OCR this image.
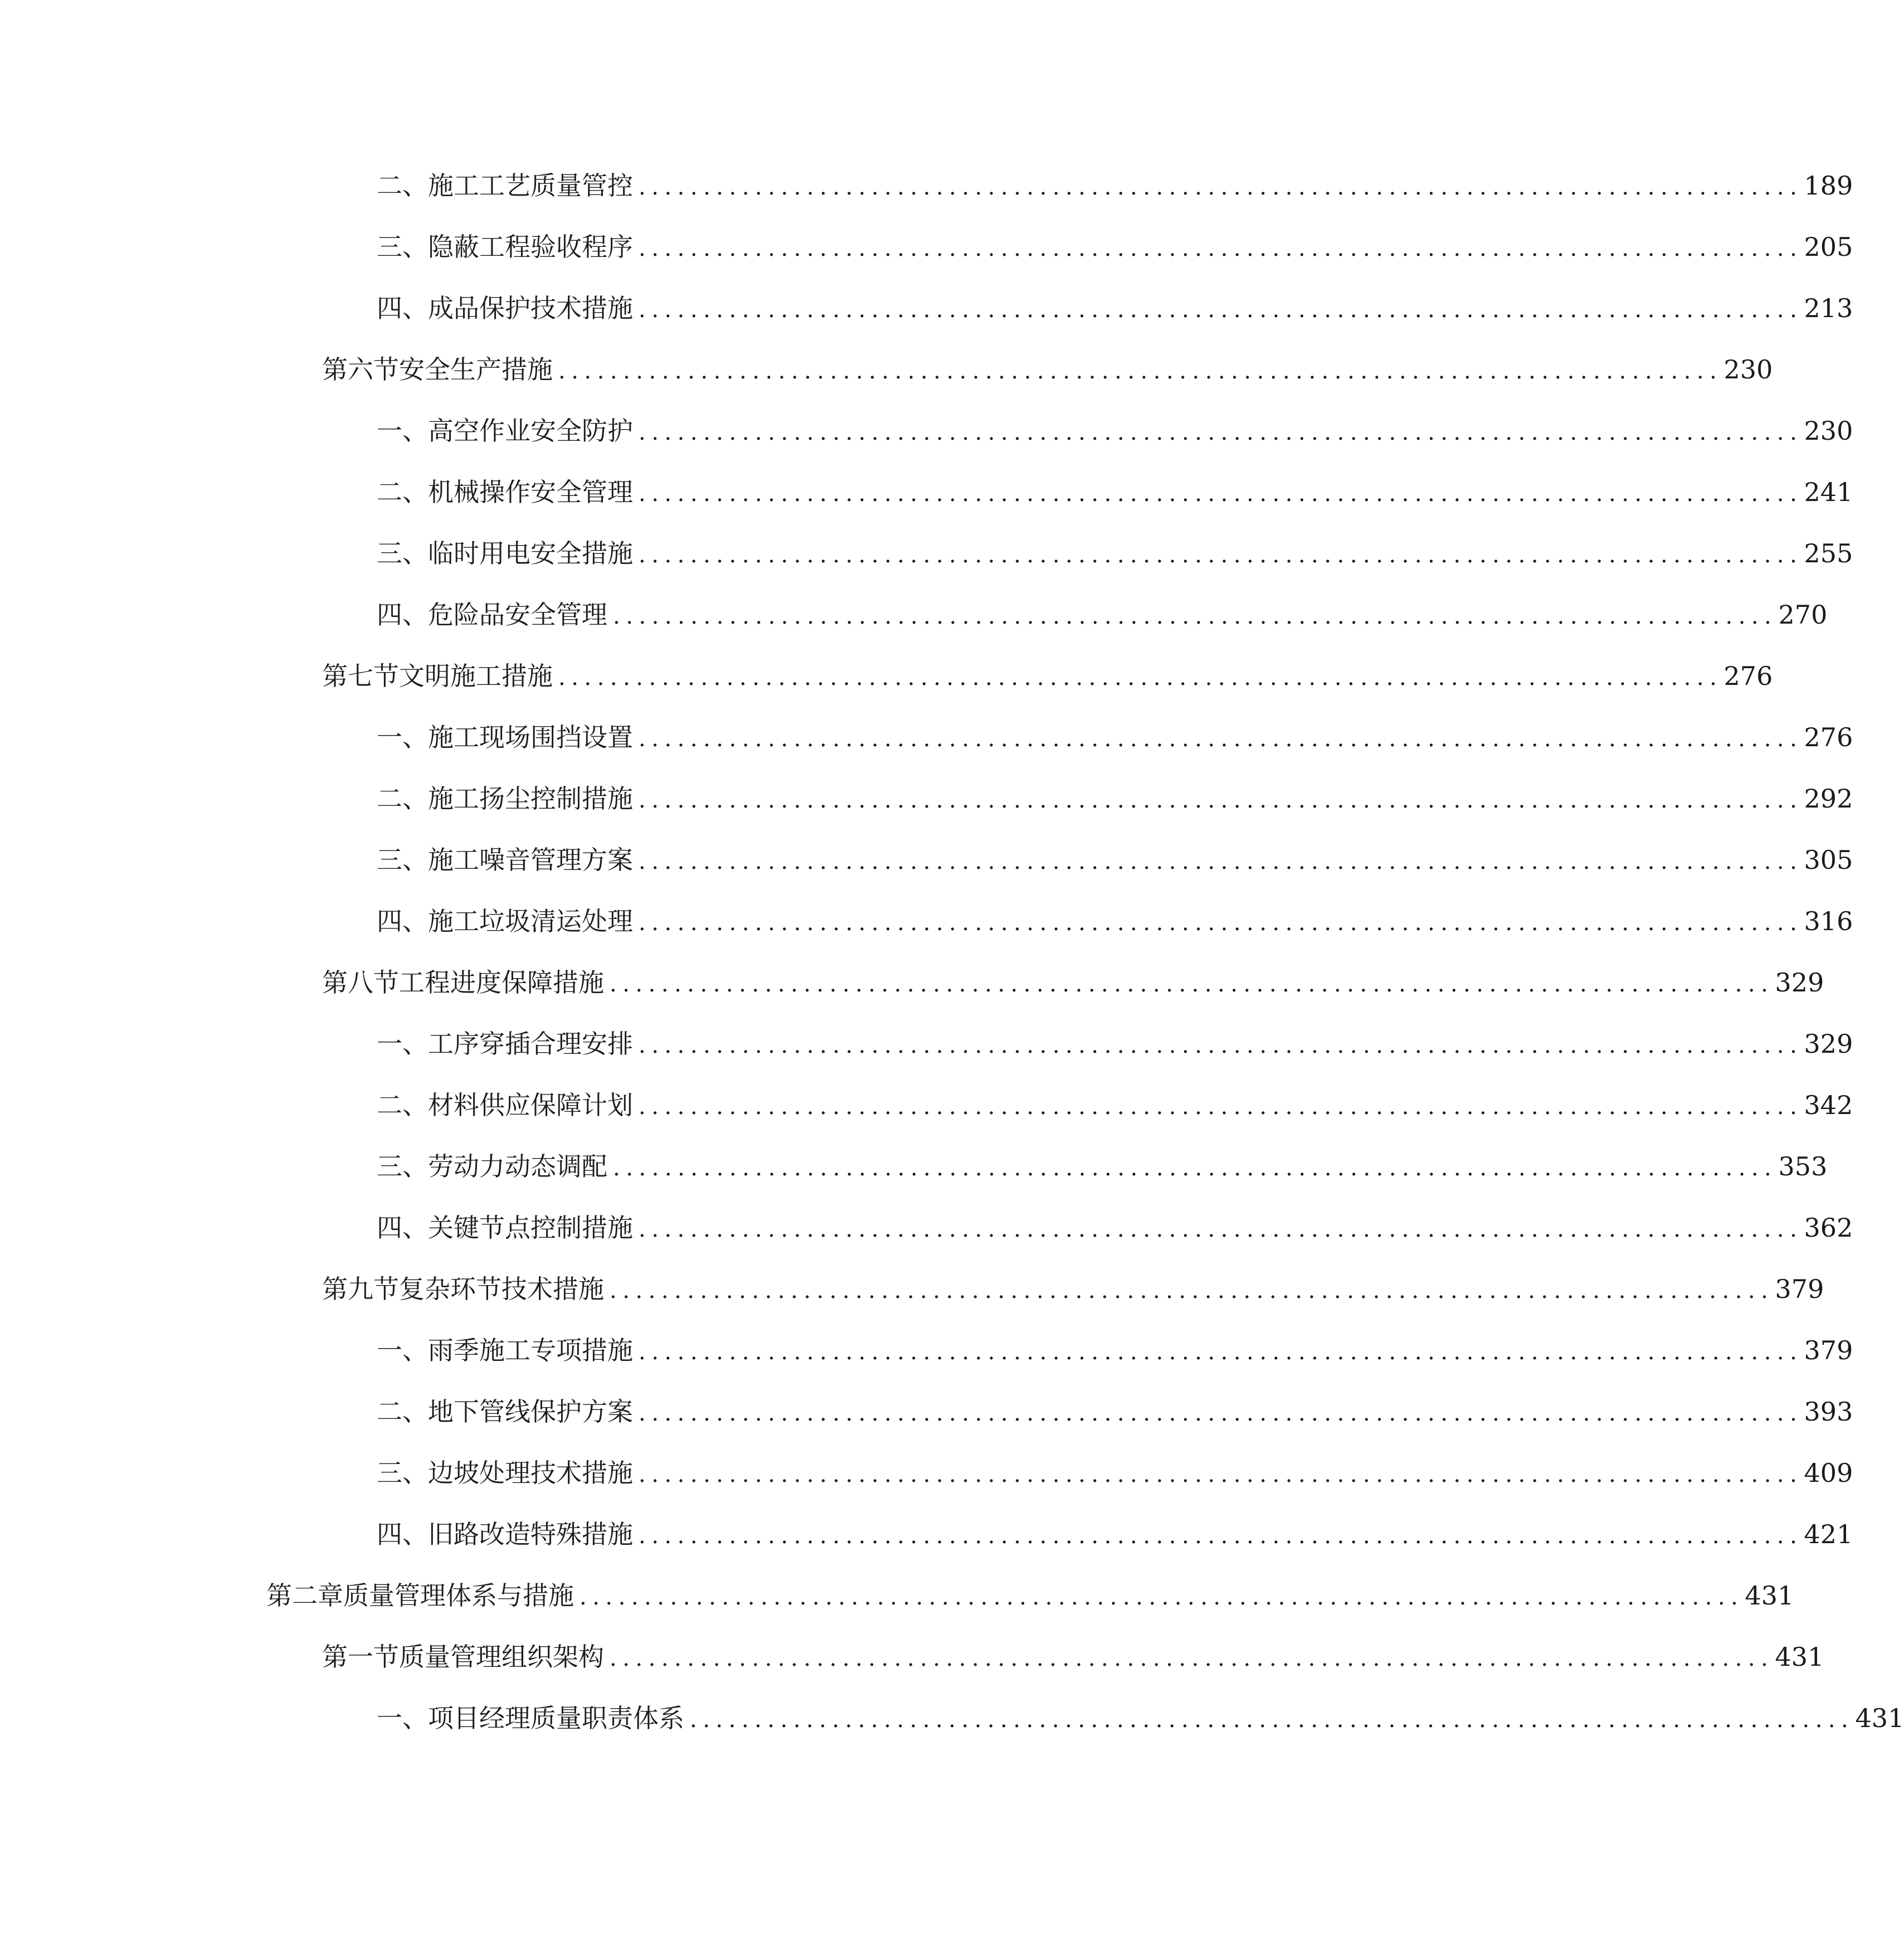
二、 施工工艺质量管控 .......................................................................................... 189
三、 隐蔽工程验收程序 .......................................................................................... 205
四、 成品保护技术措施 .......................................................................................... 213
第六节 安全生产措施 .......................................................................................... 230
一、 高空作业安全防护 .......................................................................................... 230
二、 机械操作安全管理 .......................................................................................... 241
三、 临时用电安全措施 .......................................................................................... 255
四、 危险品安全管理 .......................................................................................... 270
第七节 文明施工措施 .......................................................................................... 276
一、 施工现场围挡设置 .......................................................................................... 276
二、 施工扬尘控制措施 .......................................................................................... 292
三、 施工噪音管理方案 .......................................................................................... 305
四、 施工垃圾清运处理 .......................................................................................... 316
第八节 工程进度保障措施 .......................................................................................... 329
一、 工序穿插合理安排 .......................................................................................... 329
二、 材料供应保障计划 .......................................................................................... 342
三、 劳动力动态调配 .......................................................................................... 353
四、 关键节点控制措施 .......................................................................................... 362
第九节 复杂环节技术措施 .......................................................................................... 379
一、 雨季施工专项措施 .......................................................................................... 379
二、 地下管线保护方案 .......................................................................................... 393
三、 边坡处理技术措施 .......................................................................................... 409
四、 旧路改造特殊措施 .......................................................................................... 421
第二章 质量管理体系与措施 .......................................................................................... 431
第一节 质量管理组织架构 .......................................................................................... 431
一、 项目经理质量职责体系 .......................................................................................... 431
